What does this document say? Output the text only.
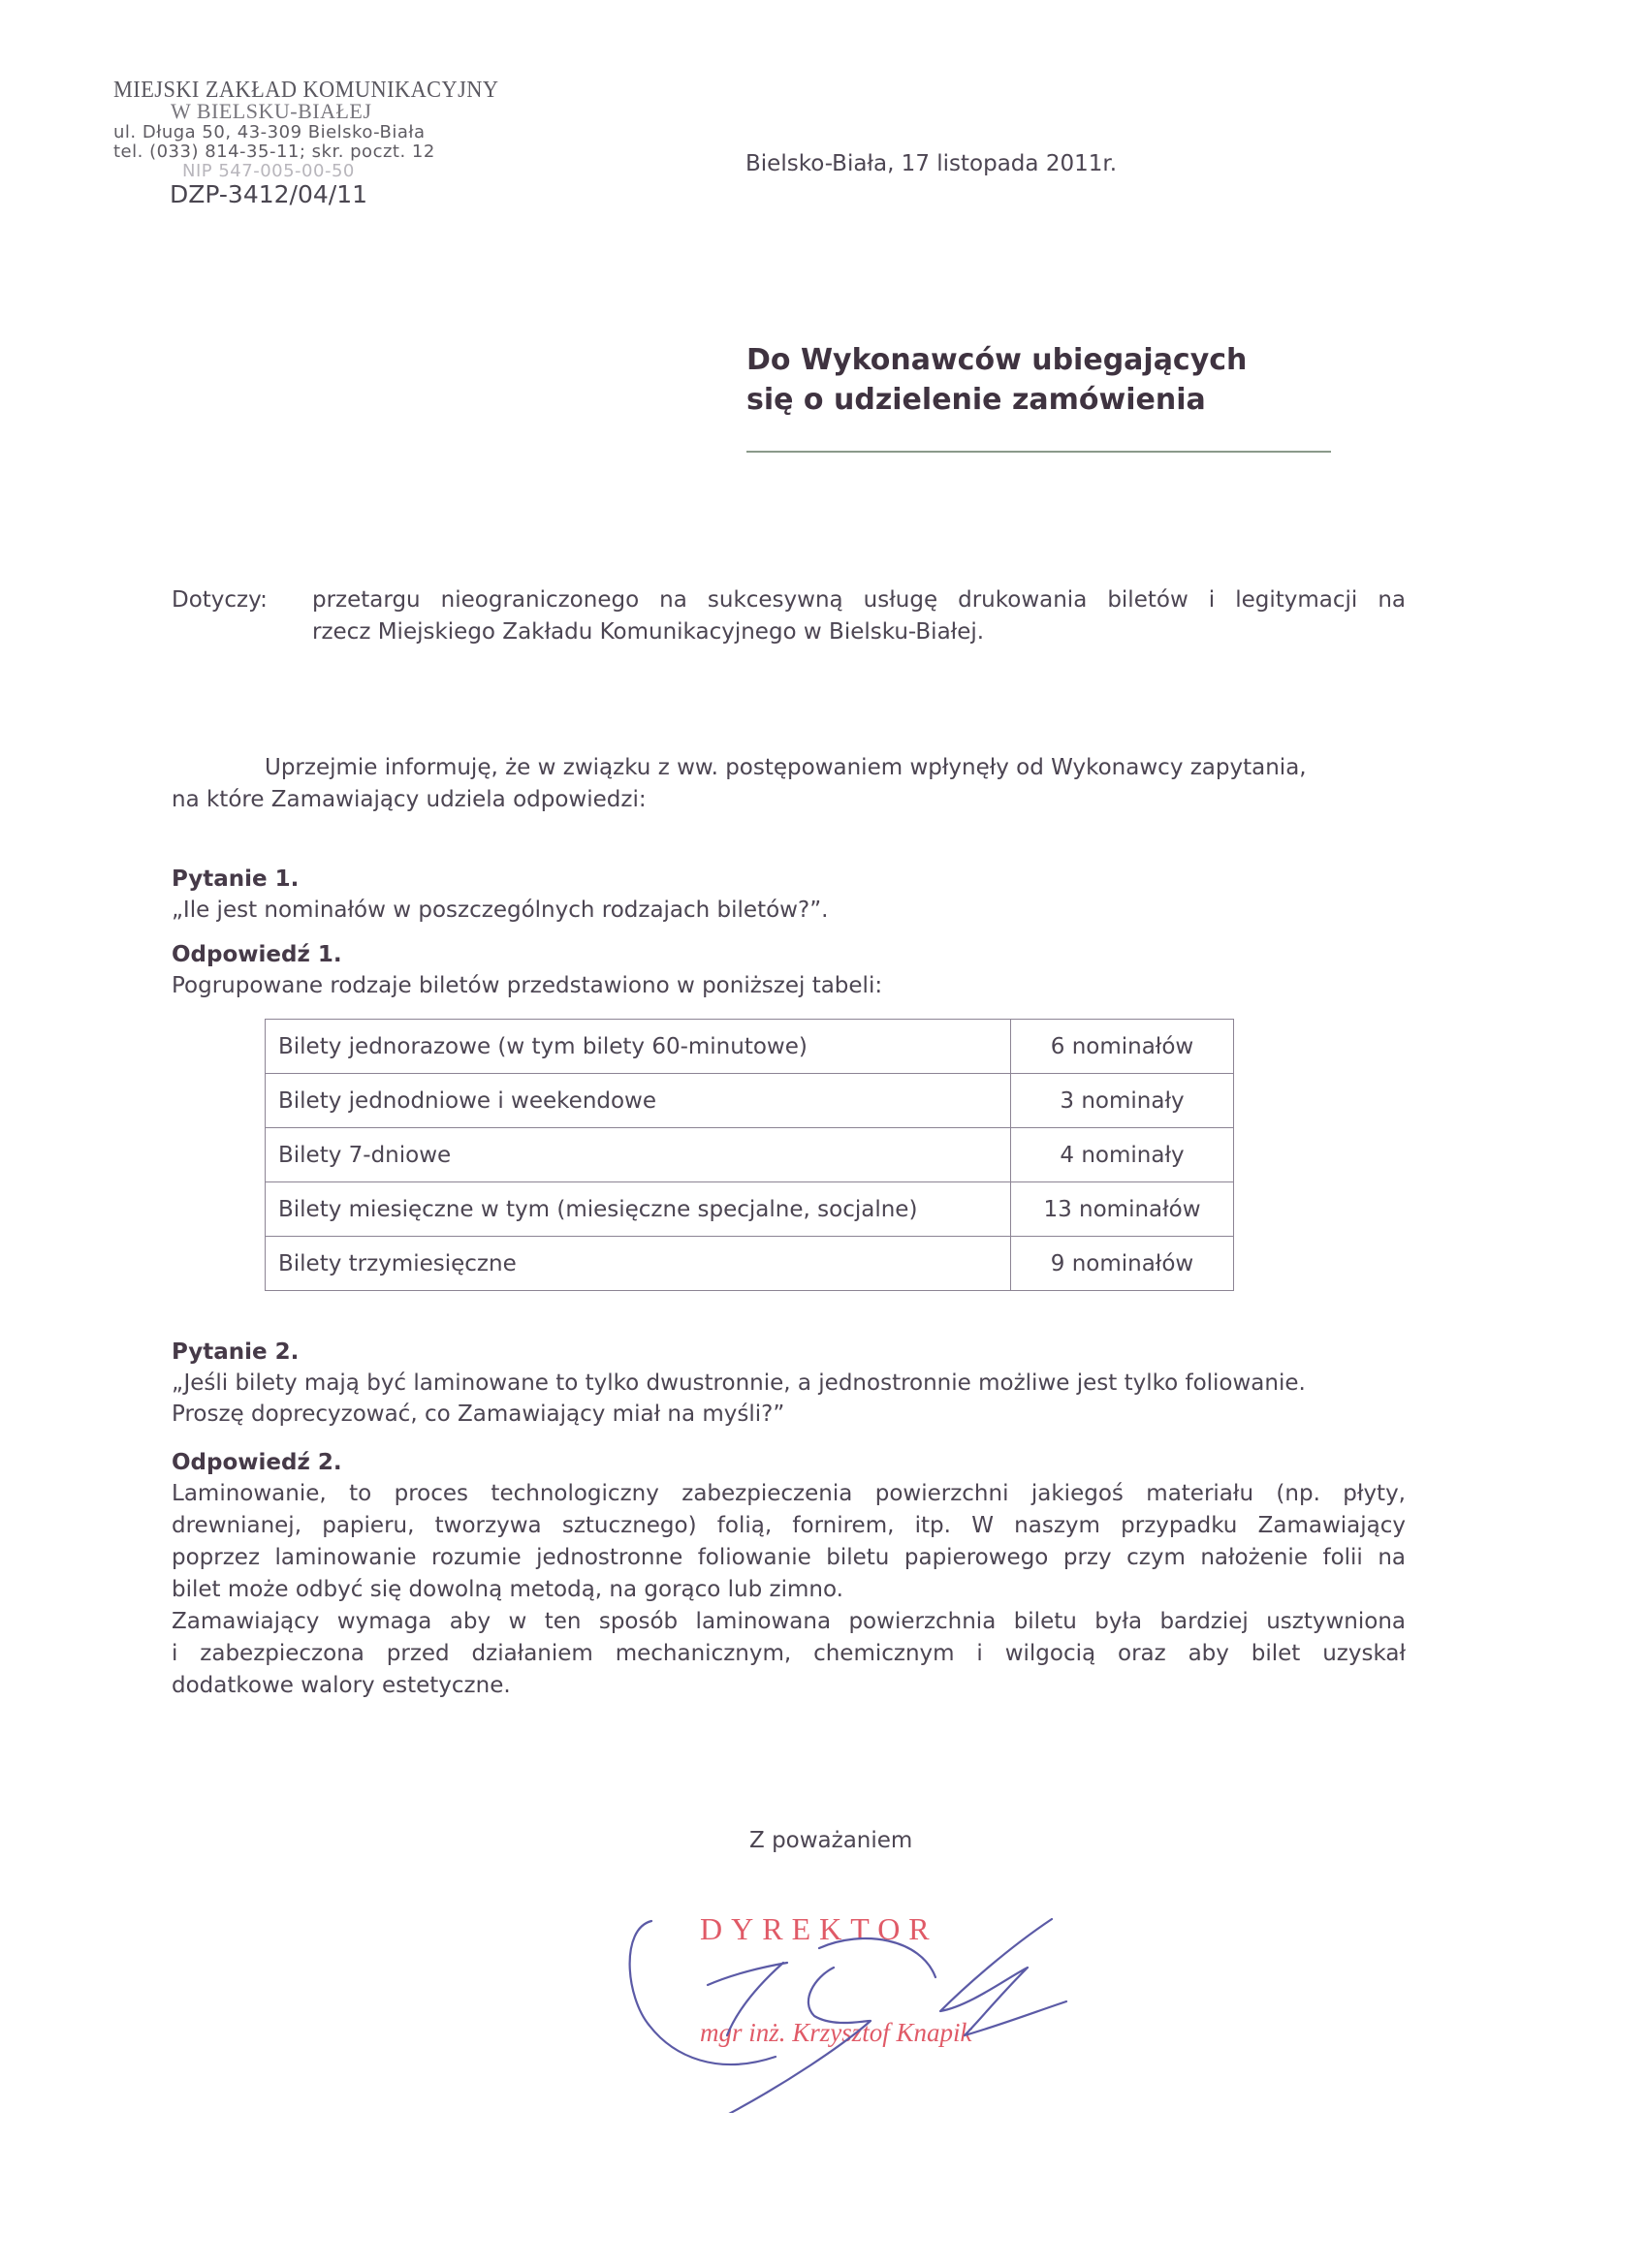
MIEJSKI ZAKŁAD KOMUNIKACYJNY
W BIELSKU-BIAŁEJ
ul. Długa 50, 43-309 Bielsko-Biała
tel. (033) 814-35-11; skr. poczt. 12
NIP 547-005-00-50
DZP-3412/04/11
Bielsko-Biała, 17 listopada 2011r.
Do Wykonawców ubiegających
się o udzielenie zamówienia
Dotyczy: przetargu nieograniczonego na sukcesywną usługę drukowania biletów i legitymacji na
rzecz Miejskiego Zakładu Komunikacyjnego w Bielsku-Białej.
Uprzejmie informuję, że w związku z ww. postępowaniem wpłynęły od Wykonawcy zapytania,
na które Zamawiający udziela odpowiedzi:
Pytanie 1.
„Ile jest nominałów w poszczególnych rodzajach biletów?”.
Odpowiedź 1.
Pogrupowane rodzaje biletów przedstawiono w poniższej tabeli:
Bilety jednorazowe (w tym bilety 60-minutowe)	6 nominałów
Bilety jednodniowe i weekendowe	3 nominały
Bilety 7-dniowe	4 nominały
Bilety miesięczne w tym (miesięczne specjalne, socjalne)	13 nominałów
Bilety trzymiesięczne	9 nominałów
Pytanie 2.
„Jeśli bilety mają być laminowane to tylko dwustronnie, a jednostronnie możliwe jest tylko foliowanie.
Proszę doprecyzować, co Zamawiający miał na myśli?”
Odpowiedź 2.
Laminowanie, to proces technologiczny zabezpieczenia powierzchni jakiegoś materiału (np. płyty,
drewnianej, papieru, tworzywa sztucznego) folią, fornirem, itp. W naszym przypadku Zamawiający
poprzez laminowanie rozumie jednostronne foliowanie biletu papierowego przy czym nałożenie folii na
bilet może odbyć się dowolną metodą, na gorąco lub zimno.
Zamawiający wymaga aby w ten sposób laminowana powierzchnia biletu była bardziej usztywniona
i zabezpieczona przed działaniem mechanicznym, chemicznym i wilgocią oraz aby bilet uzyskał
dodatkowe walory estetyczne.
Z poważaniem
DYREKTOR
mgr inż. Krzysztof Knapik
